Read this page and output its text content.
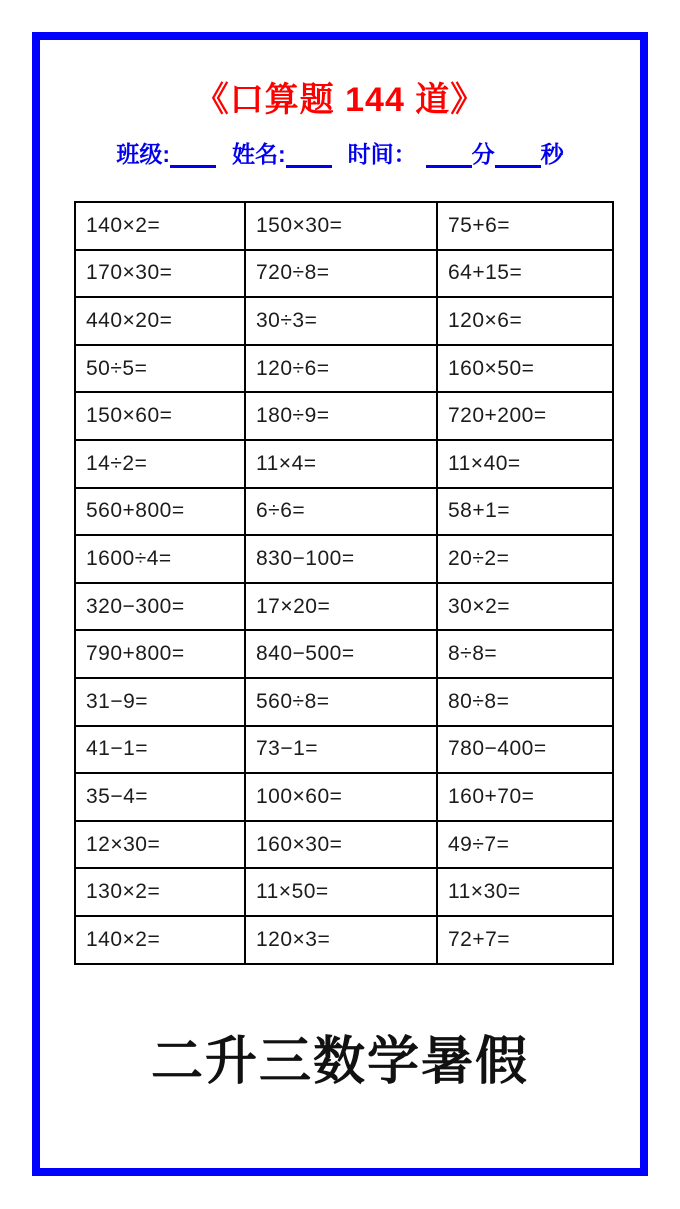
《口算题 144 道》
班级:	姓名:	时间： 分 秒
140×2=	150×30=	75+6=
170×30=	720÷8=	64+15=
440×20=	30÷3=	120×6=
50÷5=	120÷6=	160×50=
150×60=	180÷9=	720+200=
14÷2=	11×4=	11×40=
560+800=	6÷6=	58+1=
1600÷4=	830−100=	20÷2=
320−300=	17×20=	30×2=
790+800=	840−500=	8÷8=
31−9=	560÷8=	80÷8=
41−1=	73−1=	780−400=
35−4=	100×60=	160+70=
12×30=	160×30=	49÷7=
130×2=	11×50=	11×30=
140×2=	120×3=	72+7=
二升三数学暑假
